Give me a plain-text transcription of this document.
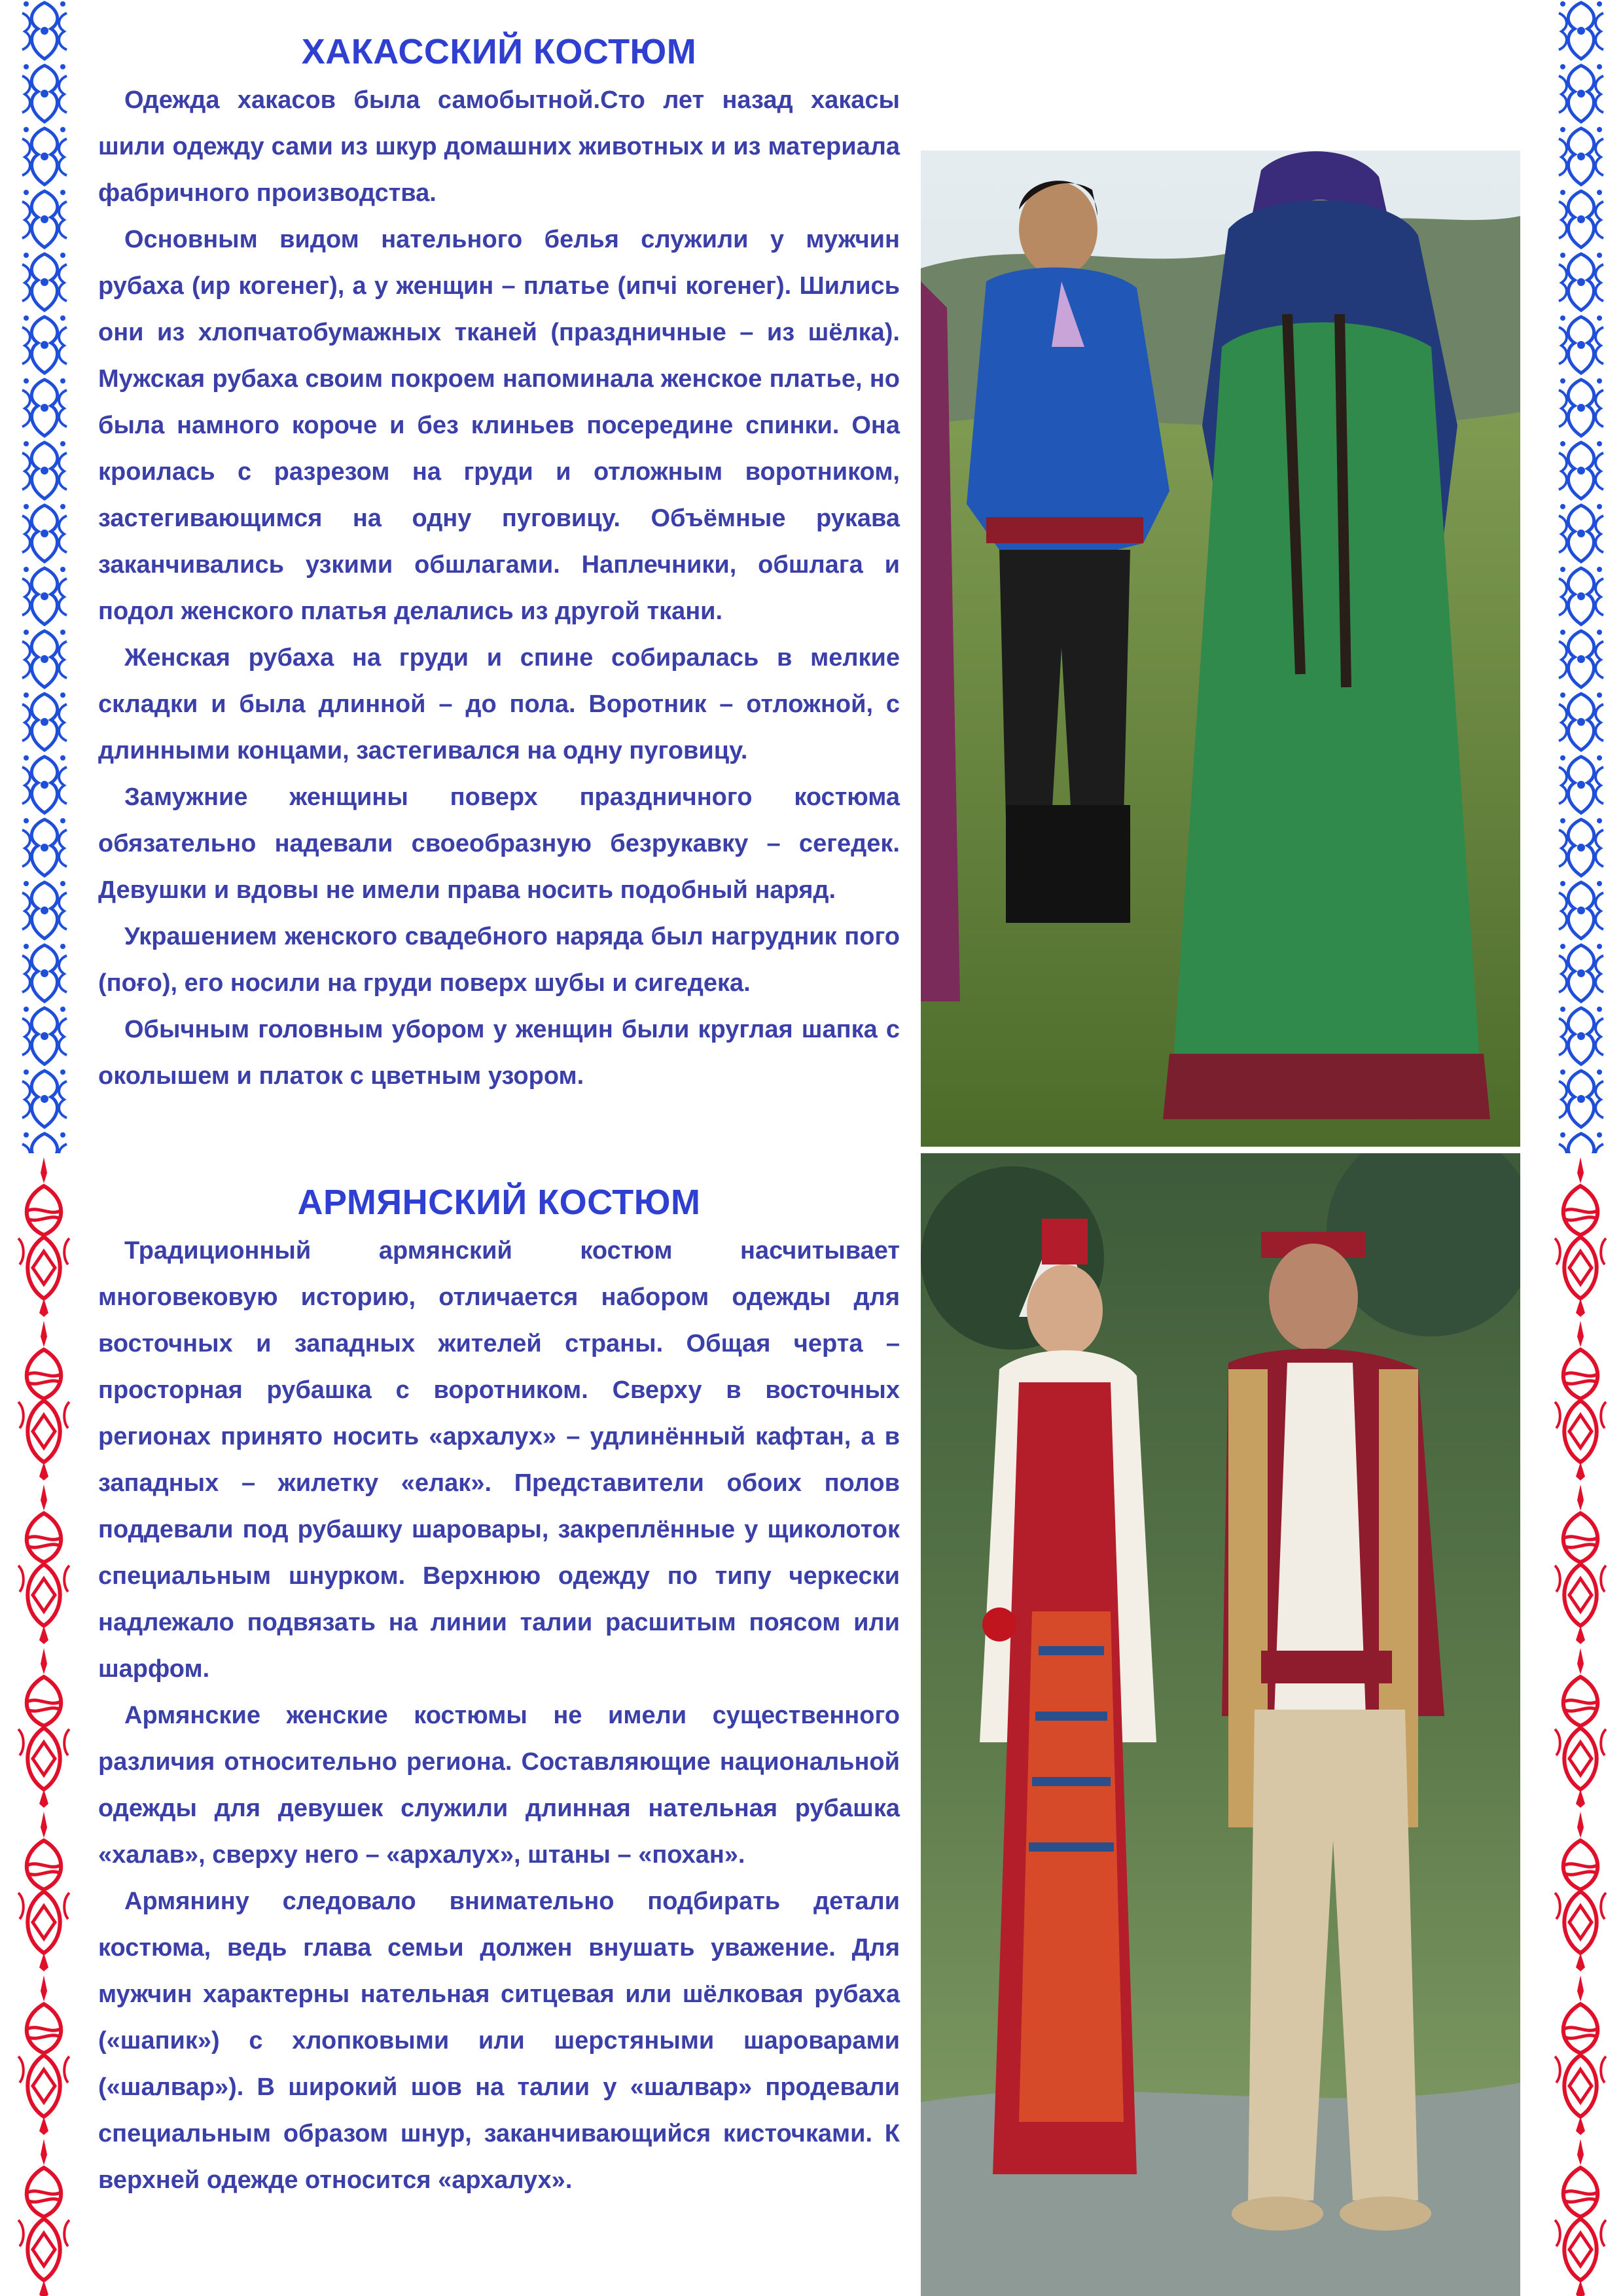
ХАКАССКИЙ КОСТЮМ

Одежда хакасов была самобытной.Сто лет назад хакасы шили одежду сами из шкур домашних животных и из материала фабричного производства.

Основным видом нательного белья служили у мужчин рубаха (ир когенег), а у женщин – платье (ипчі когенег). Шились они из хлопчатобумажных тканей (праздничные – из шёлка). Мужская рубаха своим покроем напоминала женское платье, но была намного короче и без клиньев посередине спинки. Она кроилась с разрезом на груди и отложным воротником, застегивающимся на одну пуговицу. Объёмные рукава заканчивались узкими обшлагами. Наплечники, обшлага и подол женского платья делались из другой ткани.

Женская рубаха на груди и спине собиралась в мелкие складки и была длинной – до пола. Воротник – отложной, с длинными концами, застегивался на одну пуговицу.

Замужние женщины поверх праздничного костюма обязательно надевали своеобразную безрукавку – сегедек. Девушки и вдовы не имели права носить подобный наряд.

Украшением женского свадебного наряда был нагрудник пого (поғо), его носили на груди поверх шубы и сигедека.

Обычным головным убором у женщин были круглая шапка с околышем и платок с цветным узором.

АРМЯНСКИЙ КОСТЮМ

Традиционный армянский костюм насчитывает многовековую историю, отличается набором одежды для восточных и западных жителей страны. Общая черта – просторная рубашка с воротником. Сверху в восточных регионах принято носить «архалух» – удлинённый кафтан, а в западных – жилетку «елак». Представители обоих полов поддевали под рубашку шаровары, закреплённые у щиколоток специальным шнурком. Верхнюю одежду по типу черкески надлежало подвязать на линии талии расшитым поясом или шарфом.

Армянские женские костюмы не имели существенного различия относительно региона. Составляющие национальной одежды для девушек служили длинная нательная рубашка «халав», сверху него – «архалух», штаны – «похан».

Армянину следовало внимательно подбирать детали костюма, ведь глава семьи должен внушать уважение. Для мужчин характерны нательная ситцевая или шёлковая рубаха («шапик») с хлопковыми или шерстяными шароварами («шалвар»). В широкий шов на талии у «шалвар» продевали специальным образом шнур, заканчивающийся кисточками. К верхней одежде относится «архалух».
